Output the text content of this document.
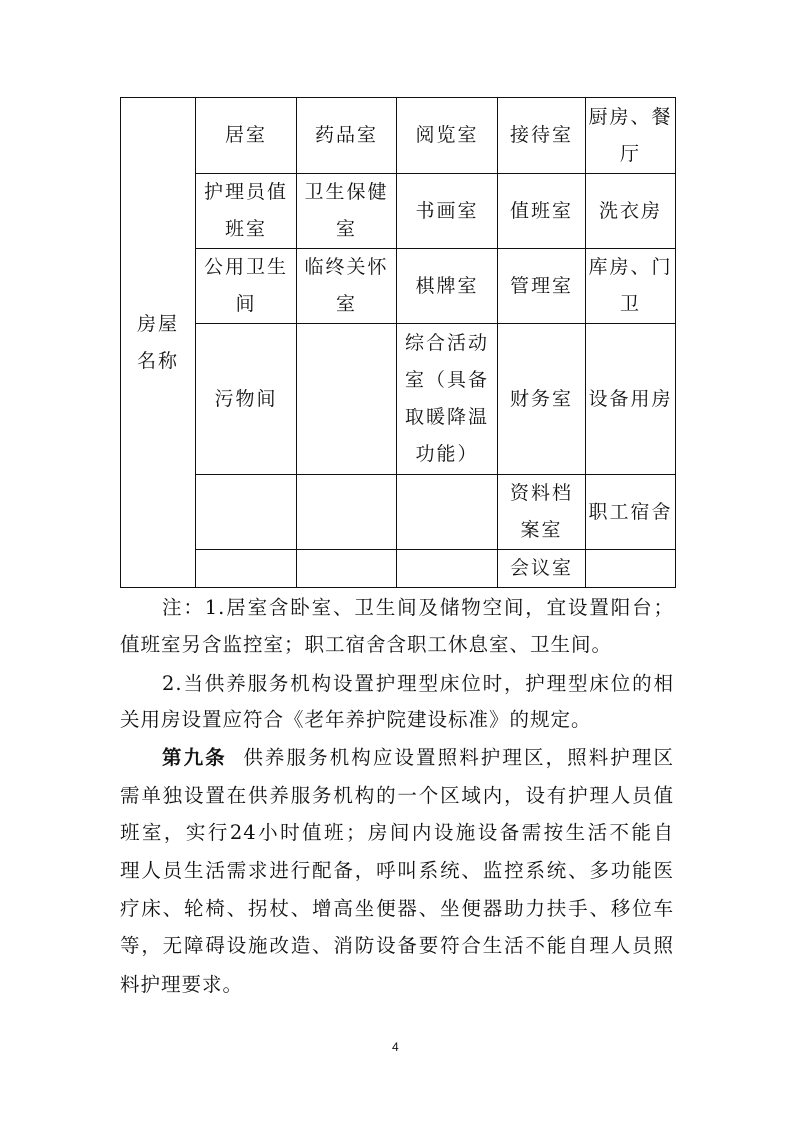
房屋名称	居室	药品室	阅览室	接待室	厨房、餐厅
	护理员值班室	卫生保健室	书画室	值班室	洗衣房
	公用卫生间	临终关怀室	棋牌室	管理室	库房、门卫
	污物间		综合活动室（具备取暖降温功能）	财务室	设备用房
				资料档案室	职工宿舍
				会议室	
注：1.居室含卧室、卫生间及储物空间，宜设置阳台；
值班室另含监控室；职工宿舍含职工休息室、卫生间。
2.当供养服务机构设置护理型床位时，护理型床位的相
关用房设置应符合《老年养护院建设标准》的规定。
第九条 供养服务机构应设置照料护理区，照料护理区
需单独设置在供养服务机构的一个区域内，设有护理人员值
班室，实行24小时值班；房间内设施设备需按生活不能自
理人员生活需求进行配备，呼叫系统、监控系统、多功能医
疗床、轮椅、拐杖、增高坐便器、坐便器助力扶手、移位车
等，无障碍设施改造、消防设备要符合生活不能自理人员照
料护理要求。
4
